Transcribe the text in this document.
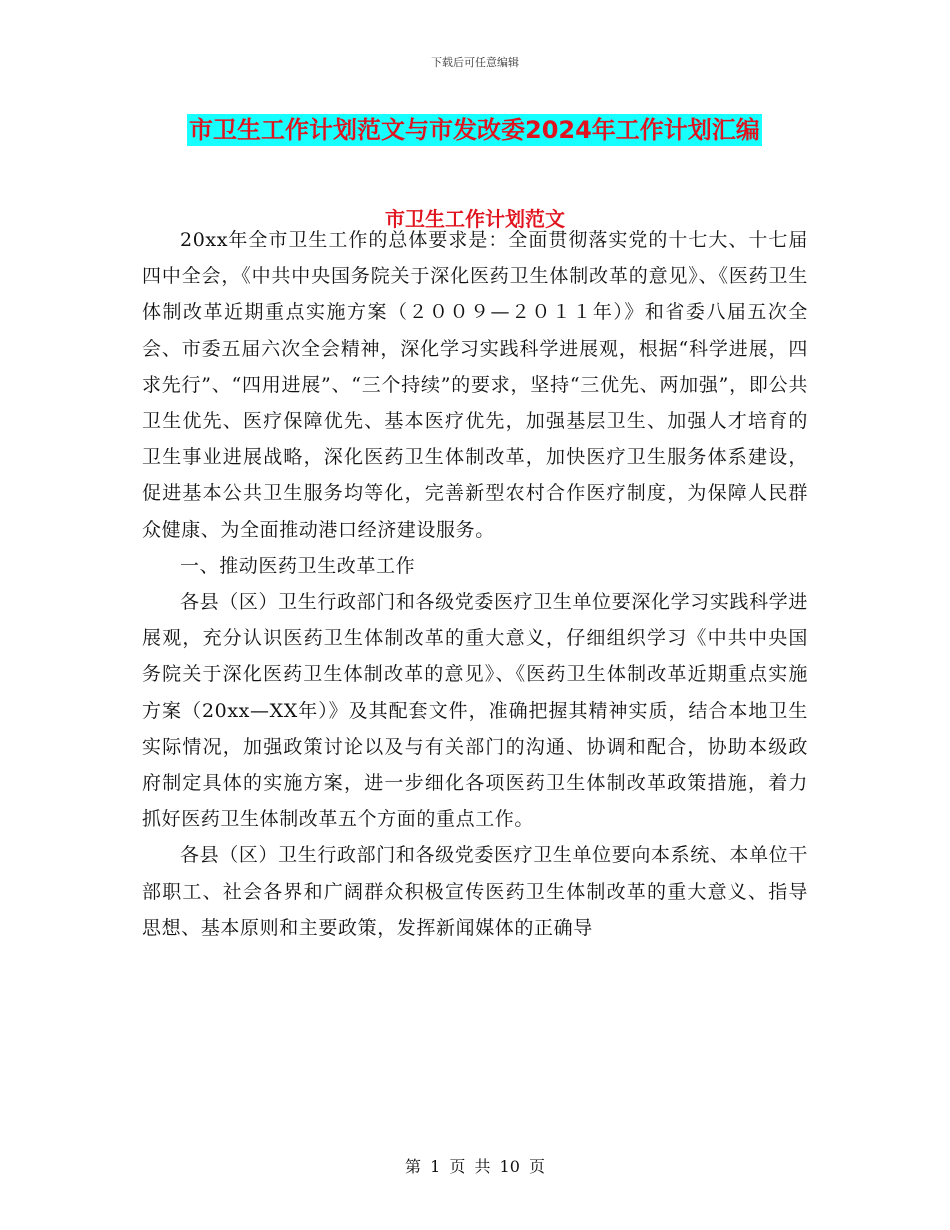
下载后可任意编辑
市卫生工作计划范文与市发改委2024年工作计划汇编
市卫生工作计划范文

20xx年全市卫生工作的总体要求是：全面贯彻落实党的十七大、十七届四中全会，《中共中央国务院关于深化医药卫生体制改革的意见》、《医药卫生体制改革近期重点实施方案（２００９—２０１１年）》和省委八届五次全会、市委五届六次全会精神，深化学习实践科学进展观，根据“科学进展，四求先行”、“四用进展”、“三个持续”的要求，坚持“三优先、两加强”，即公共卫生优先、医疗保障优先、基本医疗优先，加强基层卫生、加强人才培育的卫生事业进展战略，深化医药卫生体制改革，加快医疗卫生服务体系建设，促进基本公共卫生服务均等化，完善新型农村合作医疗制度，为保障人民群众健康、为全面推动港口经济建设服务。

一、推动医药卫生改革工作

各县（区）卫生行政部门和各级党委医疗卫生单位要深化学习实践科学进展观，充分认识医药卫生体制改革的重大意义，仔细组织学习《中共中央国务院关于深化医药卫生体制改革的意见》、《医药卫生体制改革近期重点实施方案（20xx—XX年）》及其配套文件，准确把握其精神实质，结合本地卫生实际情况，加强政策讨论以及与有关部门的沟通、协调和配合，协助本级政府制定具体的实施方案，进一步细化各项医药卫生体制改革政策措施，着力抓好医药卫生体制改革五个方面的重点工作。

各县（区）卫生行政部门和各级党委医疗卫生单位要向本系统、本单位干部职工、社会各界和广阔群众积极宣传医药卫生体制改革的重大意义、指导思想、基本原则和主要政策，发挥新闻媒体的正确导

第 1 页 共 10 页
